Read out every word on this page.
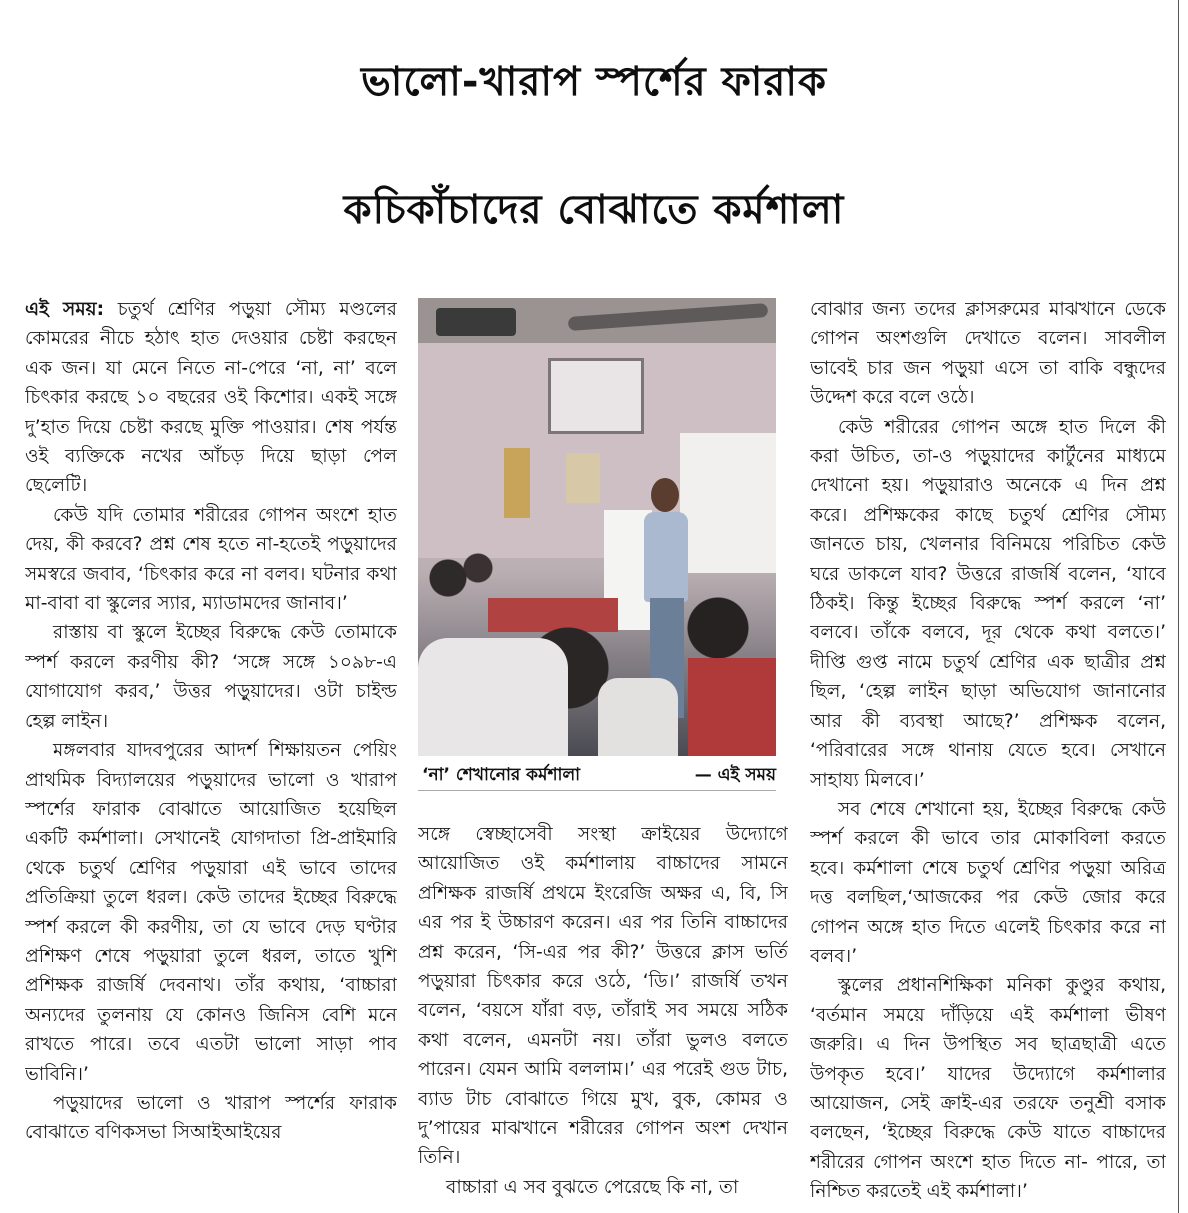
ভালো-খারাপ স্পর্শের ফারাক
কচিকাঁচাদের বোঝাতে কর্মশালা

এই সময়: চতুর্থ শ্রেণির পড়ুয়া সৌম্য মণ্ডলের কোমরের নীচে হঠাৎ হাত দেওয়ার চেষ্টা করছেন এক জন। যা মেনে নিতে না-পেরে ‘না, না’ বলে চিৎকার করছে ১০ বছরের ওই কিশোর। একই সঙ্গে দু’হাত দিয়ে চেষ্টা করছে মুক্তি পাওয়ার। শেষ পর্যন্ত ওই ব্যক্তিকে নখের আঁচড় দিয়ে ছাড়া পেল ছেলেটি।

কেউ যদি তোমার শরীরের গোপন অংশে হাত দেয়, কী করবে? প্রশ্ন শেষ হতে না-হতেই পড়ুয়াদের সমস্বরে জবাব, ‘চিৎকার করে না বলব। ঘটনার কথা মা-বাবা বা স্কুলের স্যার, ম্যাডামদের জানাব।’

রাস্তায় বা স্কুলে ইচ্ছের বিরুদ্ধে কেউ তোমাকে স্পর্শ করলে করণীয় কী? ‘সঙ্গে সঙ্গে ১০৯৮-এ যোগাযোগ করব,’ উত্তর পড়ুয়াদের। ওটা চাইল্ড হেল্প লাইন।

মঙ্গলবার যাদবপুরের আদর্শ শিক্ষায়তন পেয়িং প্রাথমিক বিদ্যালয়ের পড়ুয়াদের ভালো ও খারাপ স্পর্শের ফারাক বোঝাতে আয়োজিত হয়েছিল একটি কর্মশালা। সেখানেই যোগদাতা প্রি-প্রাইমারি থেকে চতুর্থ শ্রেণির পড়ুয়ারা এই ভাবে তাদের প্রতিক্রিয়া তুলে ধরল। কেউ তাদের ইচ্ছের বিরুদ্ধে স্পর্শ করলে কী করণীয়, তা যে ভাবে দেড় ঘণ্টার প্রশিক্ষণ শেষে পড়ুয়ারা তুলে ধরল, তাতে খুশি প্রশিক্ষক রাজর্ষি দেবনাথ। তাঁর কথায়, ‘বাচ্চারা অন্যদের তুলনায় যে কোনও জিনিস বেশি মনে রাখতে পারে। তবে এতটা ভালো সাড়া পাব ভাবিনি।’

পড়ুয়াদের ভালো ও খারাপ স্পর্শের ফারাক বোঝাতে বণিকসভা সিআইআইয়ের

‘না’ শেখানোর কর্মশালা	— এই সময়

সঙ্গে স্বেচ্ছাসেবী সংস্থা ক্রাইয়ের উদ্যোগে আয়োজিত ওই কর্মশালায় বাচ্চাদের সামনে প্রশিক্ষক রাজর্ষি প্রথমে ইংরেজি অক্ষর এ, বি, সি এর পর ই উচ্চারণ করেন। এর পর তিনি বাচ্চাদের প্রশ্ন করেন, ‘সি-এর পর কী?’ উত্তরে ক্লাস ভর্তি পড়ুয়ারা চিৎকার করে ওঠে, ‘ডি।’ রাজর্ষি তখন বলেন, ‘বয়সে যাঁরা বড়, তাঁরাই সব সময়ে সঠিক কথা বলেন, এমনটা নয়। তাঁরা ভুলও বলতে পারেন। যেমন আমি বললাম।’ এর পরেই গুড টাচ, ব্যাড টাচ বোঝাতে গিয়ে মুখ, বুক, কোমর ও দু’পায়ের মাঝখানে শরীরের গোপন অংশ দেখান তিনি।

বাচ্চারা এ সব বুঝতে পেরেছে কি না, তা

বোঝার জন্য তদের ক্লাসরুমের মাঝখানে ডেকে গোপন অংশগুলি দেখাতে বলেন। সাবলীল ভাবেই চার জন পড়ুয়া এসে তা বাকি বন্ধুদের উদ্দেশ করে বলে ওঠে।

কেউ শরীরের গোপন অঙ্গে হাত দিলে কী করা উচিত, তা-ও পড়ুয়াদের কার্টুনের মাধ্যমে দেখানো হয়। পড়ুয়ারাও অনেকে এ দিন প্রশ্ন করে। প্রশিক্ষকের কাছে চতুর্থ শ্রেণির সৌম্য জানতে চায়, খেলনার বিনিময়ে পরিচিত কেউ ঘরে ডাকলে যাব? উত্তরে রাজর্ষি বলেন, ‘যাবে ঠিকই। কিন্তু ইচ্ছের বিরুদ্ধে স্পর্শ করলে ‘না’ বলবে। তাঁকে বলবে, দূর থেকে কথা বলতে।’ দীপ্তি গুপ্ত নামে চতুর্থ শ্রেণির এক ছাত্রীর প্রশ্ন ছিল, ‘হেল্প লাইন ছাড়া অভিযোগ জানানোর আর কী ব্যবস্থা আছে?’ প্রশিক্ষক বলেন, ‘পরিবারের সঙ্গে থানায় যেতে হবে। সেখানে সাহায্য মিলবে।’

সব শেষে শেখানো হয়, ইচ্ছের বিরুদ্ধে কেউ স্পর্শ করলে কী ভাবে তার মোকাবিলা করতে হবে। কর্মশালা শেষে চতুর্থ শ্রেণির পড়ুয়া অরিত্র দত্ত বলছিল,‘আজকের পর কেউ জোর করে গোপন অঙ্গে হাত দিতে এলেই চিৎকার করে না বলব।’

স্কুলের প্রধানশিক্ষিকা মনিকা কুণ্ডুর কথায়, ‘বর্তমান সময়ে দাঁড়িয়ে এই কর্মশালা ভীষণ জরুরি। এ দিন উপস্থিত সব ছাত্রছাত্রী এতে উপকৃত হবে।’ যাদের উদ্যোগে কর্মশালার আয়োজন, সেই ক্রাই-এর তরফে তনুশ্রী বসাক বলছেন, ‘ইচ্ছের বিরুদ্ধে কেউ যাতে বাচ্চাদের শরীরের গোপন অংশে হাত দিতে না- পারে, তা নিশ্চিত করতেই এই কর্মশালা।’
